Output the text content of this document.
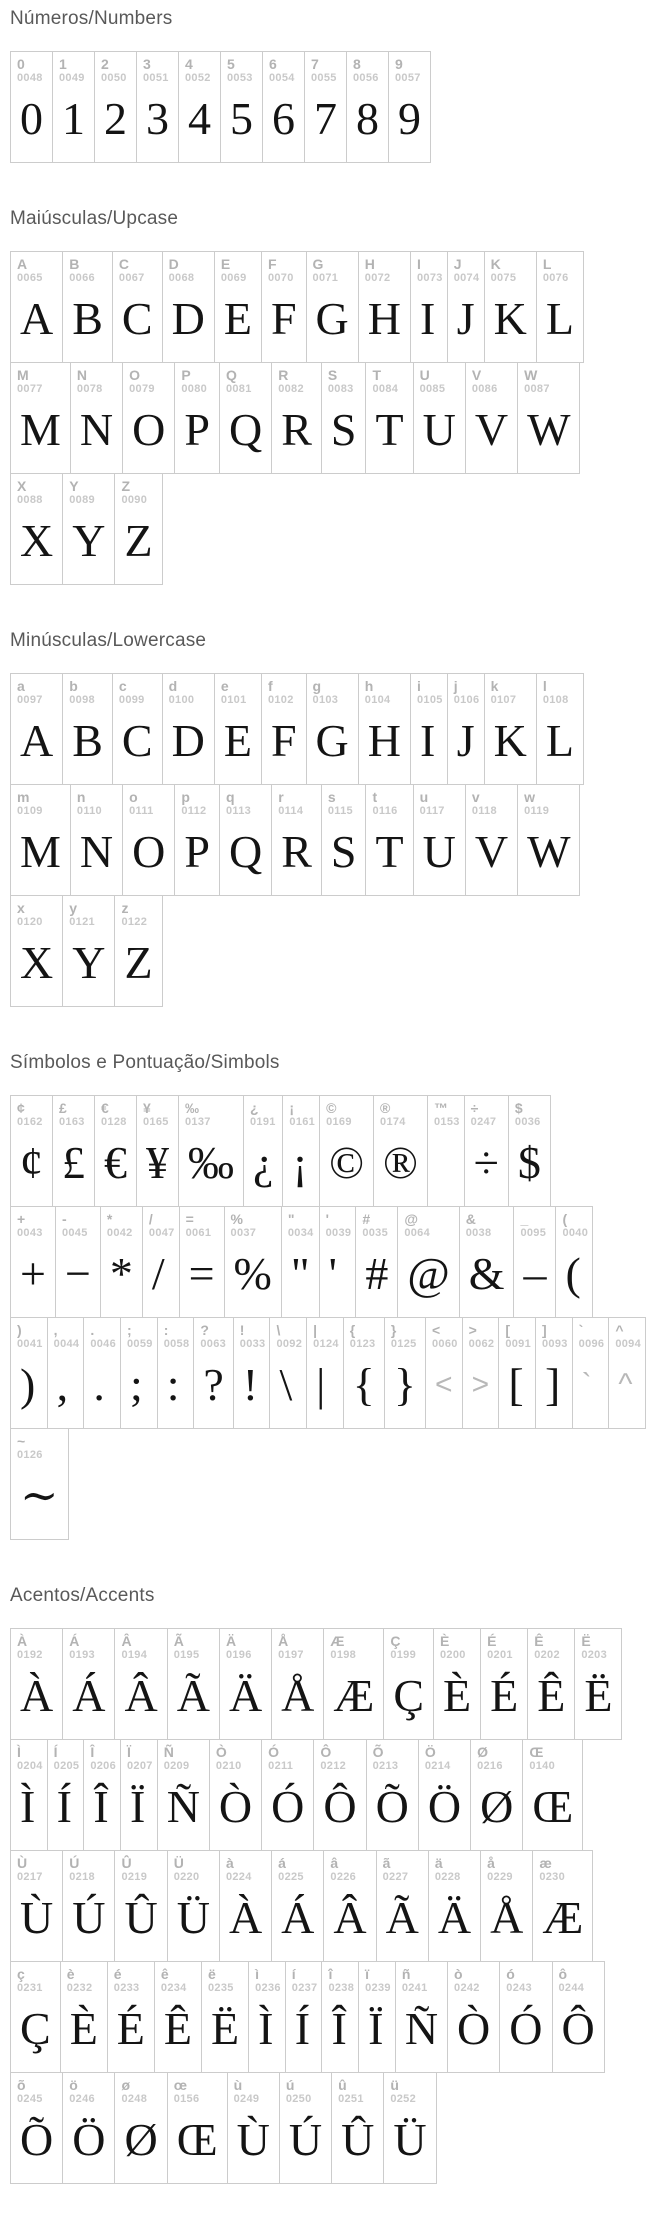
Números/Numbers
0
0048
0
1
0049
1
2
0050
2
3
0051
3
4
0052
4
5
0053
5
6
0054
6
7
0055
7
8
0056
8
9
0057
9
Maiúsculas/Upcase
A
0065
A
B
0066
B
C
0067
C
D
0068
D
E
0069
E
F
0070
F
G
0071
G
H
0072
H
I
0073
I
J
0074
J
K
0075
K
L
0076
L
M
0077
M
N
0078
N
O
0079
O
P
0080
P
Q
0081
Q
R
0082
R
S
0083
S
T
0084
T
U
0085
U
V
0086
V
W
0087
W
X
0088
X
Y
0089
Y
Z
0090
Z
Minúsculas/Lowercase
a
0097
A
b
0098
B
c
0099
C
d
0100
D
e
0101
E
f
0102
F
g
0103
G
h
0104
H
i
0105
I
j
0106
J
k
0107
K
l
0108
L
m
0109
M
n
0110
N
o
0111
O
p
0112
P
q
0113
Q
r
0114
R
s
0115
S
t
0116
T
u
0117
U
v
0118
V
w
0119
W
x
0120
X
y
0121
Y
z
0122
Z
Símbolos e Pontuação/Simbols
¢
0162
¢
£
0163
£
€
0128
€
¥
0165
¥
‰
0137
‰
¿
0191
¿
¡
0161
¡
©
0169
©
®
0174
®
™
0153
÷
0247
÷
$
0036
$
+
0043
+
-
0045
−
*
0042
*
/
0047
/
=
0061
=
%
0037
%
"
0034
"
'
0039
'
#
0035
#
@
0064
@
&
0038
&
_
0095
–
(
0040
(
)
0041
)
,
0044
,
.
0046
.
;
0059
;
:
0058
:
?
0063
?
!
0033
!
\
0092
\
|
0124
|
{
0123
{
}
0125
}
<
0060
<
>
0062
>
[
0091
[
]
0093
]
`
0096
`
^
0094
^
~
0126
∼
Acentos/Accents
À
0192
À
Á
0193
Á
Â
0194
Â
Ã
0195
Ã
Ä
0196
Ä
Å
0197
Å
Æ
0198
Æ
Ç
0199
Ç
È
0200
È
É
0201
É
Ê
0202
Ê
Ë
0203
Ë
Ì
0204
Ì
Í
0205
Í
Î
0206
Î
Ï
0207
Ï
Ñ
0209
Ñ
Ò
0210
Ò
Ó
0211
Ó
Ô
0212
Ô
Õ
0213
Õ
Ö
0214
Ö
Ø
0216
Ø
Œ
0140
Œ
Ù
0217
Ù
Ú
0218
Ú
Û
0219
Û
Ü
0220
Ü
à
0224
À
á
0225
Á
â
0226
Â
ã
0227
Ã
ä
0228
Ä
å
0229
Å
æ
0230
Æ
ç
0231
Ç
è
0232
È
é
0233
É
ê
0234
Ê
ë
0235
Ë
ì
0236
Ì
í
0237
Í
î
0238
Î
ï
0239
Ï
ñ
0241
Ñ
ò
0242
Ò
ó
0243
Ó
ô
0244
Ô
õ
0245
Õ
ö
0246
Ö
ø
0248
Ø
œ
0156
Œ
ù
0249
Ù
ú
0250
Ú
û
0251
Û
ü
0252
Ü
